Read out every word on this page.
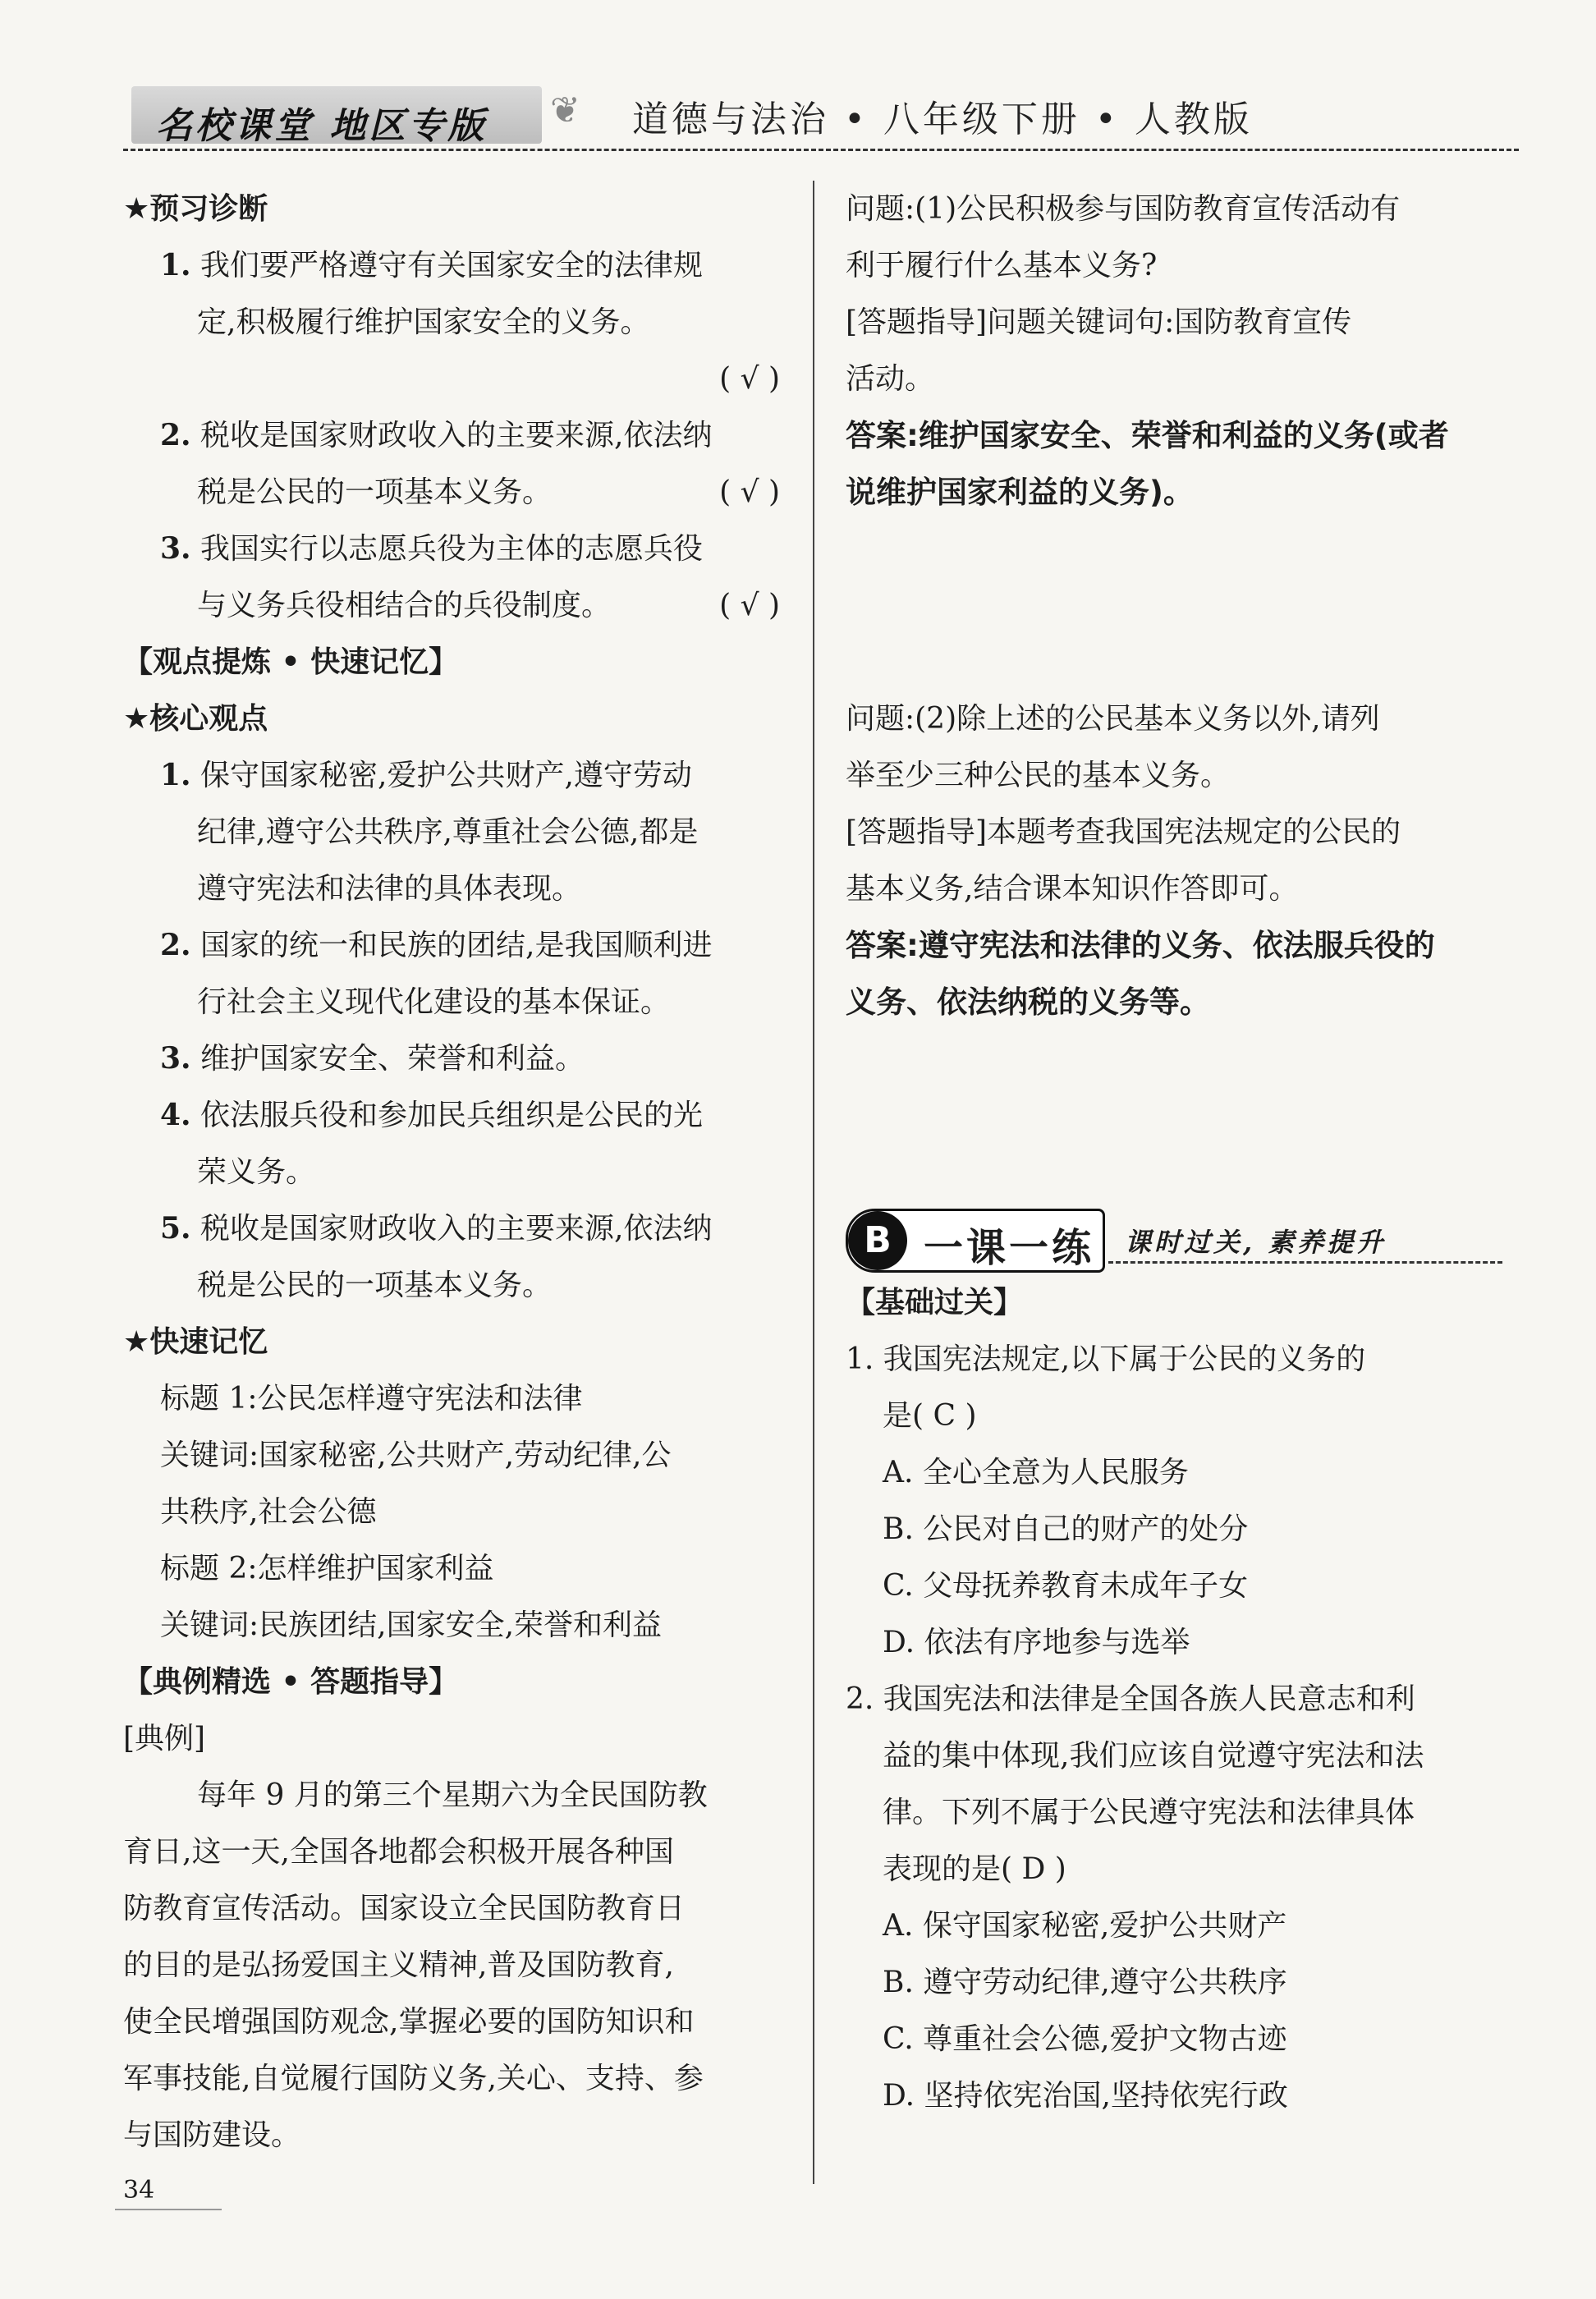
名校课堂 地区专版 ❦ 道德与法治 • 八年级下册 • 人教版
★预习诊断
1. 我们要严格遵守有关国家安全的法律规
定,积极履行维护国家安全的义务。
( √ )
2. 税收是国家财政收入的主要来源,依法纳
税是公民的一项基本义务。	( √ )
3. 我国实行以志愿兵役为主体的志愿兵役
与义务兵役相结合的兵役制度。	( √ )
【观点提炼 • 快速记忆】
★核心观点
1. 保守国家秘密,爱护公共财产,遵守劳动
纪律,遵守公共秩序,尊重社会公德,都是
遵守宪法和法律的具体表现。
2. 国家的统一和民族的团结,是我国顺利进
行社会主义现代化建设的基本保证。
3. 维护国家安全、荣誉和利益。
4. 依法服兵役和参加民兵组织是公民的光
荣义务。
5. 税收是国家财政收入的主要来源,依法纳
税是公民的一项基本义务。
★快速记忆
标题 1:公民怎样遵守宪法和法律
关键词:国家秘密,公共财产,劳动纪律,公
共秩序,社会公德
标题 2:怎样维护国家利益
关键词:民族团结,国家安全,荣誉和利益
【典例精选 • 答题指导】
[典例]
每年 9 月的第三个星期六为全民国防教
育日,这一天,全国各地都会积极开展各种国
防教育宣传活动。国家设立全民国防教育日
的目的是弘扬爱国主义精神,普及国防教育,
使全民增强国防观念,掌握必要的国防知识和
军事技能,自觉履行国防义务,关心、支持、参
与国防建设。
问题:(1)公民积极参与国防教育宣传活动有
利于履行什么基本义务?
[答题指导]问题关键词句:国防教育宣传
活动。
答案:维护国家安全、荣誉和利益的义务(或者
说维护国家利益的义务)。
问题:(2)除上述的公民基本义务以外,请列
举至少三种公民的基本义务。
[答题指导]本题考查我国宪法规定的公民的
基本义务,结合课本知识作答即可。
答案:遵守宪法和法律的义务、依法服兵役的
义务、依法纳税的义务等。
B 一课一练 课时过关, 素养提升
【基础过关】
1. 我国宪法规定,以下属于公民的义务的
是( C )
A. 全心全意为人民服务
B. 公民对自己的财产的处分
C. 父母抚养教育未成年子女
D. 依法有序地参与选举
2. 我国宪法和法律是全国各族人民意志和利
益的集中体现,我们应该自觉遵守宪法和法
律。下列不属于公民遵守宪法和法律具体
表现的是( D )
A. 保守国家秘密,爱护公共财产
B. 遵守劳动纪律,遵守公共秩序
C. 尊重社会公德,爱护文物古迹
D. 坚持依宪治国,坚持依宪行政
34
